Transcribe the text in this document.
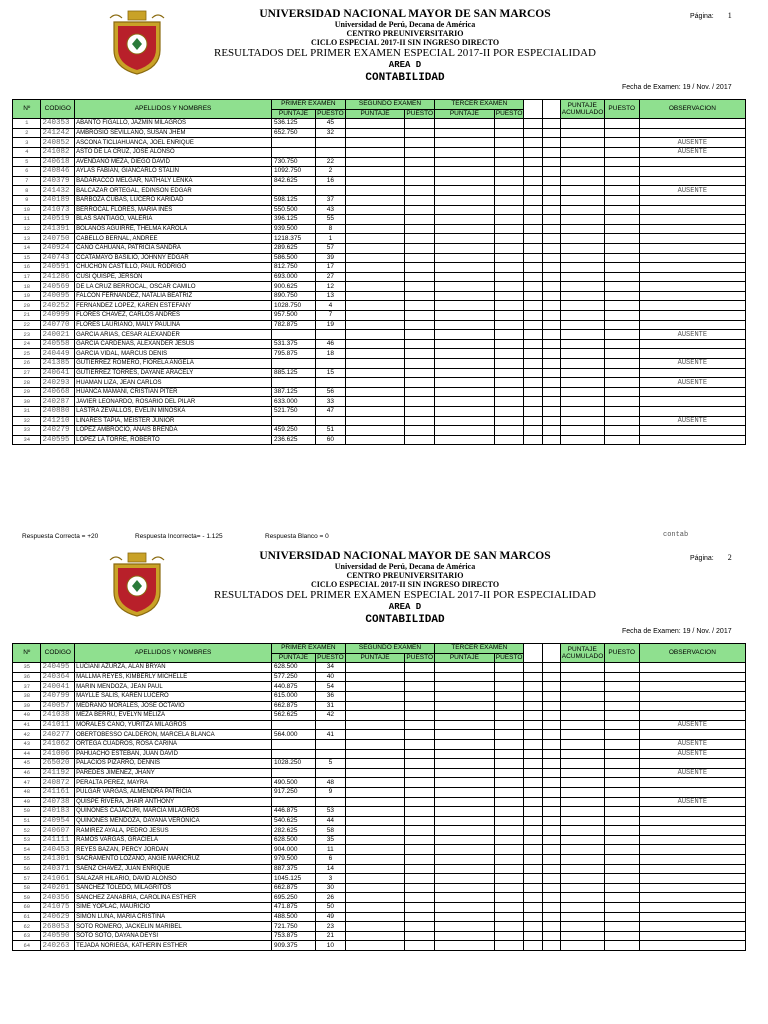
UNIVERSIDAD NACIONAL MAYOR DE SAN MARCOS
Universidad de Perú, Decana de América
CENTRO PREUNIVERSITARIO
CICLO ESPECIAL 2017-II SIN INGRESO DIRECTO
RESULTADOS DEL PRIMER EXAMEN ESPECIAL 2017-II POR ESPECIALIDAD
AREA D
CONTABILIDAD
Página: 1
Fecha de Examen: 19 / Nov. / 2017
Nº	CODIGO	APELLIDOS Y NOMBRES	PRIMER EXAMEN		SEGUNDO EXAMEN		TERCER EXAMEN				PUNTAJE ACUMULADO	PUESTO	OBSERVACION
			PUNTAJE	PUESTO	PUNTAJE	PUESTO	PUNTAJE	PUESTO					
1	240353	ABANTO FIGALLO, JAZMIN MILAGROS	536.125	45									
2	241242	AMBROSIO SEVILLANO, SUSAN JHEM	652.750	32									
3	240852	ASCONA TICLIAHUANCA, JOEL ENRIQUE											AUSENTE
4	241082	ASTO DE LA CRUZ, JOSE ALONSO											AUSENTE
5	240618	AVENDAÑO MEZA, DIEGO DAVID	730.750	22									
6	240846	AYLAS FABIAN, GIANCARLO STALIN	1092.750	2									
7	240379	BADARACCO MELGAR, NATHALY LENKA	842.625	16									
8	241432	BALCAZAR ORTEGAL, EDINSON EDGAR											AUSENTE
9	240189	BARBOZA CUBAS, LUCERO KARIDAD	598.125	37									
10	241073	BERROCAL FLORES, MARIA INES	550.500	43									
11	240519	BLAS SANTIAGO, VALERIA	396.125	55									
12	241391	BOLAÑOS AGUIRRE, THELMA KAROLA	939.500	8									
13	240750	CABELLO BERNAL, ANDREE	1218.375	1									
14	240924	CANO CAHUANA, PATRICIA SANDRA	289.625	57									
15	240743	CCATAMAYO BASILIO, JOHNNY EDGAR	586.500	39									
16	240591	CHUCHON CASTILLO, PAUL RODRIGO	812.750	17									
17	241286	CUSI QUISPE, JERSON	693.000	27									
18	240569	DE LA CRUZ BERROCAL, OSCAR CAMILO	900.625	12									
19	240095	FALCON FERNANDEZ, NATALIA BEATRIZ	890.750	13									
20	240252	FERNANDEZ LOPEZ, KAREN ESTEFANY	1028.750	4									
21	240999	FLORES CHAVEZ, CARLOS ANDRES	957.500	7									
22	240770	FLORES LAURIANO, MAILY PAULINA	782.875	19									
23	240021	GARCIA ARIAS, CESAR ALEXANDER											AUSENTE
24	240558	GARCIA CARDENAS, ALEXANDER JESUS	531.375	46									
25	240449	GARCIA VIDAL, MARCUS DENIS	795.875	18									
26	241385	GUTIERREZ ROMERO, FIORELA ANGELA											AUSENTE
27	240641	GUTIERREZ TORRES, DAYANE ARACELY	885.125	15									
28	240293	HUAMAN LIZA, JEAN CARLOS											AUSENTE
29	240668	HUANCA MAMANI, CRISTIAN PITER	387.125	56									
30	240287	JAVIER LEONARDO, ROSARIO DEL PILAR	633.000	33									
31	240880	LASTRA ZEVALLOS, EVELIN MINOSKA	521.750	47									
32	241210	LINARES TAPIA, MEISTER JUNIOR											AUSENTE
33	240279	LOPEZ AMBROCIO, ANAIS BRENDA	459.250	51									
34	240595	LOPEZ LA TORRE, ROBERTO	236.625	60									
Respuesta Correcta = +20	Respuesta Incorrecta= - 1.125	Respuesta Blanco = 0	contab
UNIVERSIDAD NACIONAL MAYOR DE SAN MARCOS
Universidad de Perú, Decana de América
CENTRO PREUNIVERSITARIO
CICLO ESPECIAL 2017-II SIN INGRESO DIRECTO
RESULTADOS DEL PRIMER EXAMEN ESPECIAL 2017-II POR ESPECIALIDAD
AREA D
CONTABILIDAD
Página: 2
Fecha de Examen: 19 / Nov. / 2017
Nº	CODIGO	APELLIDOS Y NOMBRES	PRIMER EXAMEN		SEGUNDO EXAMEN		TERCER EXAMEN				PUNTAJE ACUMULADO	PUESTO	OBSERVACION
			PUNTAJE	PUESTO	PUNTAJE	PUESTO	PUNTAJE	PUESTO					
35	240495	LUCIANI AZURZA, ALAN BRYAN	628.500	34									
36	240364	MALLMA REYES, KIMBERLY MICHELLE	577.250	40									
37	240041	MARIN MENDOZA, JEAN PAUL	440.875	54									
38	240799	MAYLLE SALIS, KAREN LUCERO	615.000	36									
39	240057	MEDRANO MORALES, JOSE OCTAVIO	662.875	31									
40	241038	MEZA BERRU, EVELYN MELIZA	562.625	42									
41	241011	MORALES CANO, YURITZA MILAGROS											AUSENTE
42	240277	OBERTOBESSO CALDERON, MARCELA BLANCA	564.000	41									
43	241062	ORTEGA CUADROS, ROSA CARINA											AUSENTE
44	241006	PAHUACHO ESTEBAN, JUAN DAVID											AUSENTE
45	265020	PALACIOS PIZARRO, DENNIS	1028.250	5									
46	241192	PAREDES JIMENEZ, JHANY											AUSENTE
47	240872	PERALTA PEREZ, MAYRA	490.500	48									
48	241161	PULGAR VARGAS, ALMENDRA PATRICIA	917.250	9									
49	240738	QUISPE RIVERA, JHAIR ANTHONY											AUSENTE
50	240183	QUIÑONES CAJACURI, MARCIA MILAGROS	446.875	53									
51	240954	QUIÑONES MENDOZA, DAYANA VERONICA	540.625	44									
52	240607	RAMIREZ AYALA, PEDRO JESUS	282.625	58									
53	241111	RAMOS VARGAS, GRACIELA	628.500	35									
54	240453	REYES BAZAN, PERCY JORDAN	904.000	11									
55	241301	SACRAMENTO LOZANO, ANGIE MARICRUZ	979.500	6									
56	240371	SAENZ CHAVEZ, JUAN ENRIQUE	887.375	14									
57	241061	SALAZAR HILARIO, DAVID ALONSO	1045.125	3									
58	240201	SANCHEZ TOLEDO, MILAGRITOS	662.875	30									
59	240356	SANCHEZ ZANABRIA, CAROLINA ESTHER	695.250	26									
60	241075	SIME YOPLAC, MAURICIO	471.875	50									
61	240629	SIMON LUNA, MARIA CRISTINA	488.500	49									
62	268053	SOTO ROMERO, JACKELIN MARIBEL	721.750	23									
63	240590	SOTO SOTO, DAYANA DEYSI	753.875	21									
64	240263	TEJADA NORIEGA, KATHERIN ESTHER	909.375	10									
